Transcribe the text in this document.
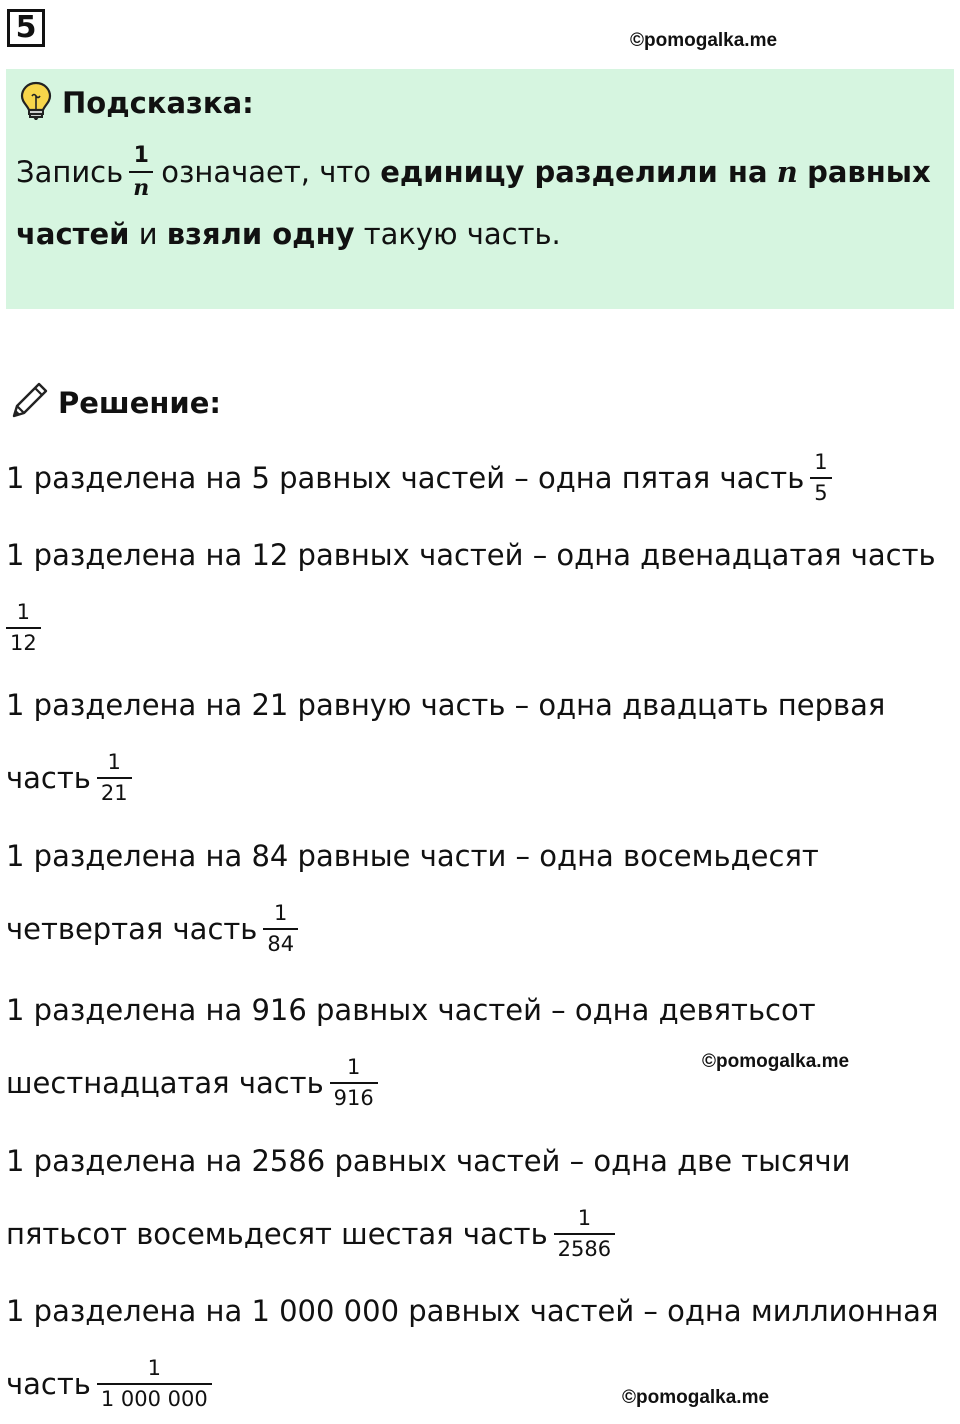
5	©pomogalka.me
Подсказка:
Запись $\frac{1}{n}$ означает, что
единицу разделили на
n
равных
частей
и
взяли одну
такую часть.
Решение:
1 разделена на 5 равных частей – одна пятая часть $\frac{1}{5}$
1 разделена на 12 равных частей – одна двенадцатая часть
$\frac{1}{12}$
1 разделена на 21 равную часть – одна двадцать первая
часть $\frac{1}{21}$
1 разделена на 84 равные части – одна восемьдесят
четвертая часть $\frac{1}{84}$
1 разделена на 916 равных частей – одна девятьсот
шестнадцатая часть $\frac{1}{916}$	©pomogalka.me
1 разделена на 2586 равных частей – одна две тысячи
пятьсот восемьдесят шестая часть $\frac{1}{2586}$
1 разделена на 1 000 000 равных частей – одна миллионная
часть $\frac{1}{1 000 000}$	©pomogalka.me
